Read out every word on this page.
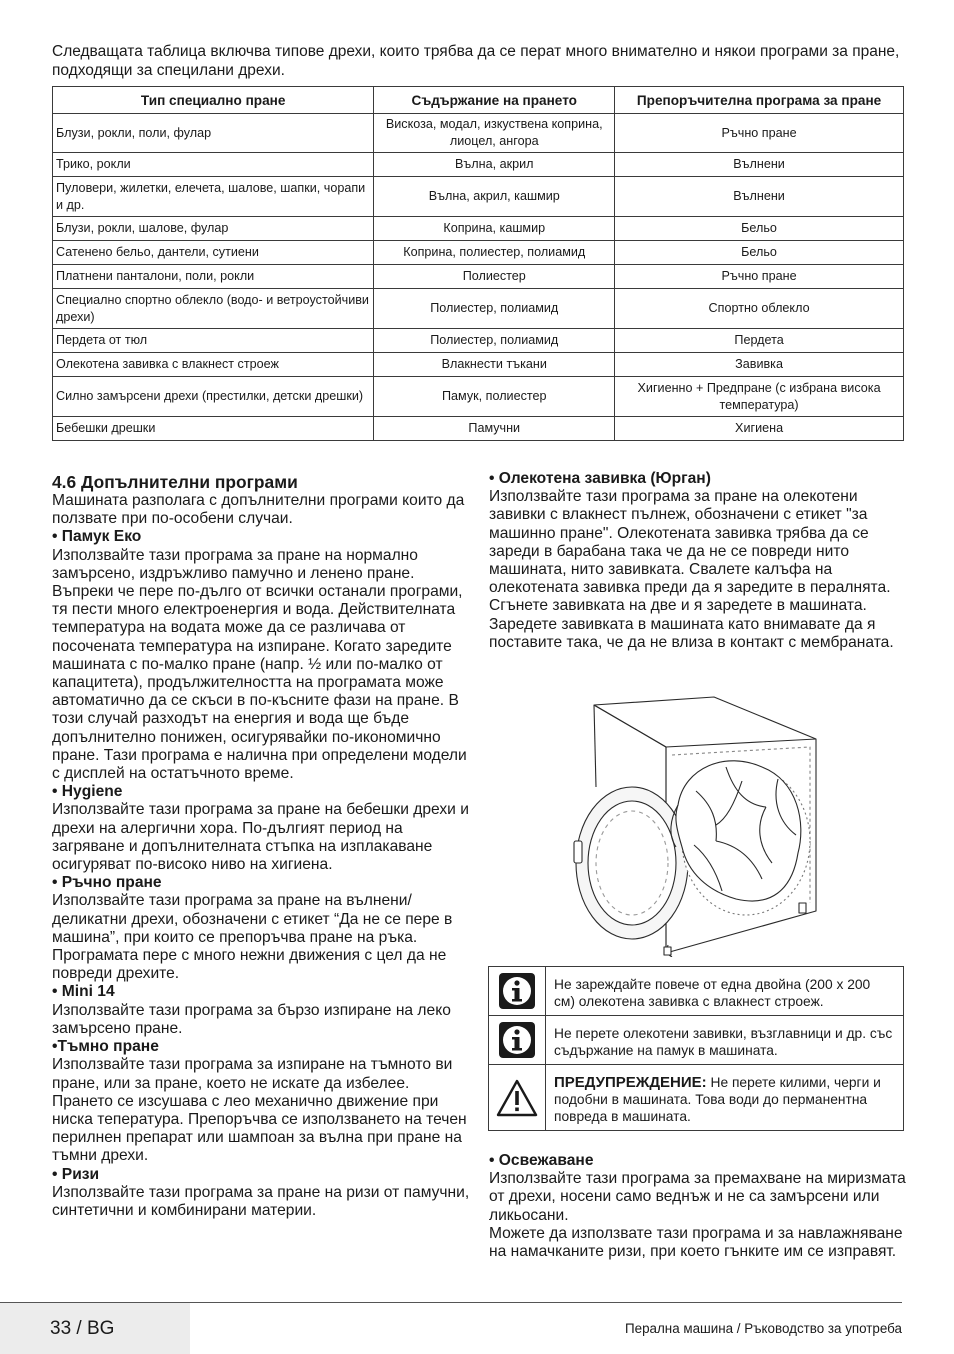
Следващата таблица включва типове дрехи, които трябва да се перат много внимателно и някои програми за пране, подходящи за специлани дрехи.

Тип специално пране	Съдържание на прането	Препоръчителна програма за пране
Блузи, рокли, поли, фулар	Вискоза, модал, изкуствена коприна, лиоцел, ангора	Ръчно пране
Трико, рокли	Вълна, акрил	Вълнени
Пуловери, жилетки, елечета, шалове, шапки, чорапи и др.	Вълна, акрил, кашмир	Вълнени
Блузи, рокли, шалове, фулар	Коприна, кашмир	Бельо
Сатенено бельо, дантели, сутиени	Коприна, полиестер, полиамид	Бельо
Платнени панталони, поли, рокли	Полиестер	Ръчно пране
Специално спортно облекло (водо- и ветроустойчиви дрехи)	Полиестер, полиамид	Спортно облекло
Пердета от тюл	Полиестер, полиамид	Пердета
Олекотена завивка с влакнест строеж	Влакнести тъкани	Завивка
Силно замърсени дрехи (престилки, детски дрешки)	Памук, полиестер	Хигиенно + Предпране (с избрана висока температура)
Бебешки дрешки	Памучни	Хигиена

4.6 Допълнителни програми

Машината разполага с допълнителни програми които да ползвате при по-особени случаи.

• Памук Еко

Използвайте тази програма за пране на нормално замърсено, издръжливо памучно и ленено пране. Въпреки че пере по-дълго от всички останали програми, тя пести много електроенергия и вода. Действителната температура на водата може да се различава от посочената температура на изпиране. Когато заредите машината с по-малко пране (напр. ½ или по-малко от капацитета), продължителността на програмата може автоматично да се скъси в по-късните фази на пране. В този случай разходът на енергия и вода ще бъде допълнително понижен, осигурявайки по-икономично пране. Тази програма е налична при определени модели с дисплей на остатъчното време.

• Hygiene

Използвайте тази програма за пране на бебешки дрехи и дрехи на алергични хора. По-дългият период на загряване и допълнителната стъпка на изплакаване осигуряват по-високо ниво на хигиена.

• Ръчно пране

Използвайте тази програма за пране на вълнени/деликатни дрехи, обозначени с етикет “Да не се пере в машина”, при които се препоръчва пране на ръка. Програмата пере с много нежни движения с цел да не повреди дрехите.

• Mini 14

Използвайте тази програма за бързо изпиране на леко замърсено пране.

•Тъмно пране

Използвайте тази програма за изпиране на тъмното ви пране, или за пране, което не искате да избелее. Прането се изсушава с лео механично движение при ниска тепература. Препоръчва се използването на течен перилнен препарат или шампоан за вълна при пране на тъмни дрехи.

• Ризи

Използвайте тази програма за пране на ризи от памучни, синтетични и комбинирани материи.

• Олекотена завивка (Юрган)

Използвайте тази програма за пране на олекотени завивки с влакнест пълнеж, обозначени с етикет "за машинно пране". Олекотената завивка трябва да се зареди в барабана така че да не се повреди нито машината, нито завивката. Свалете калъфа на олекотената завивка преди да я заредите в пералнята. Сгънете завивката на две и я заредете в машината. Заредете завивката в машината като внимавате да я поставите така, че да не влиза в контакт с мембраната.

Не зареждайте повече от една двойна (200 x 200 см) олекотена завивка с влакнест строеж.
Не перете олекотени завивки, възглавници и др. със съдържание на памук в машината.
ПРЕДУПРЕЖДЕНИЕ: Не перете килими, черги и подобни в машината. Това води до перманентна повреда в машината.

• Освежаване

Използвайте тази програма за премахване на миризмата от дрехи, носени само веднъж и не са замърсени или ликьосани.

Можете да използвате тази програма и за навлажняване на намачканите ризи, при което гънките им се изправят.

33 / BG	Перална машина / Ръководство за употреба
